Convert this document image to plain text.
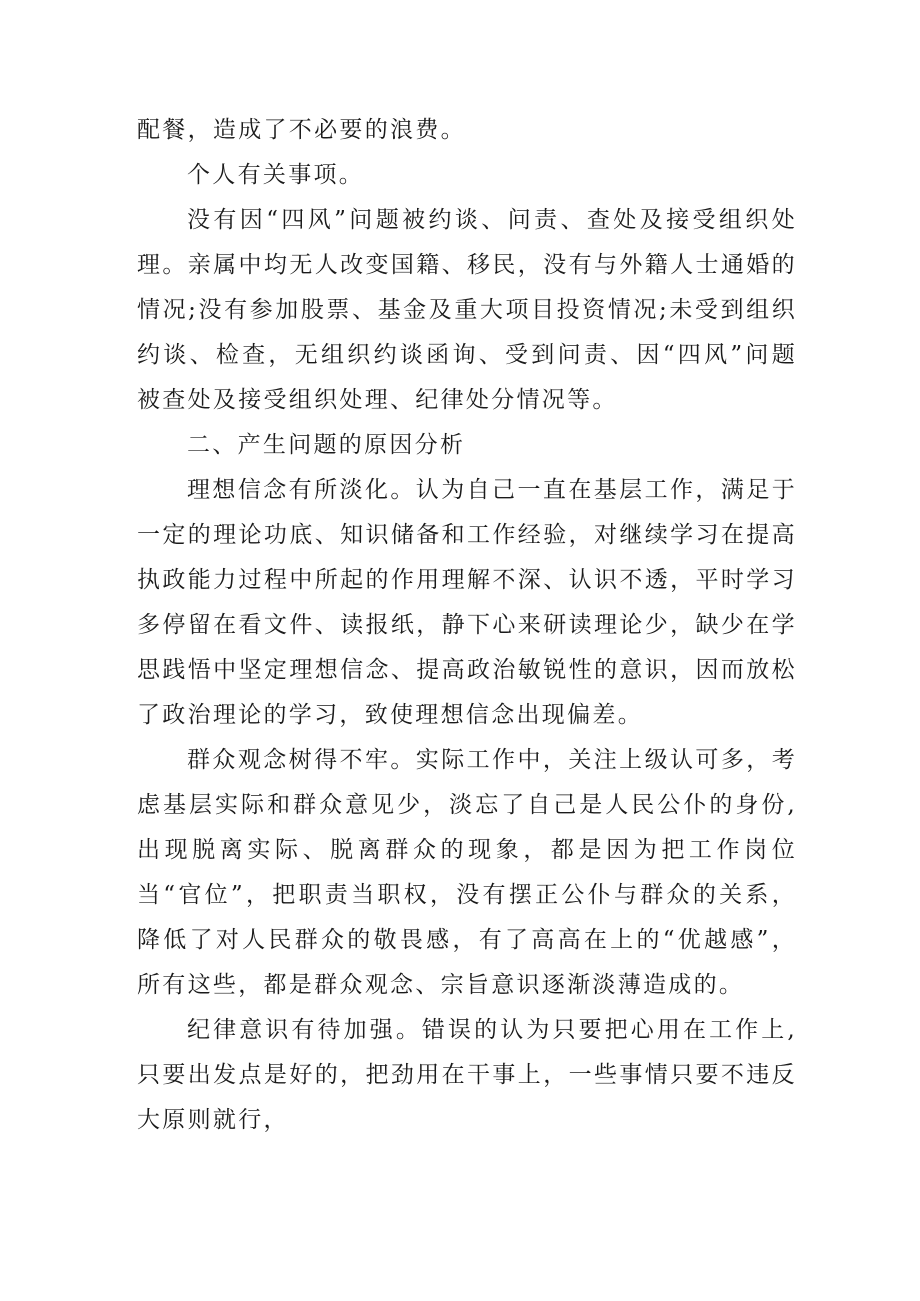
配餐，造成了不必要的浪费。

个人有关事项。

没有因“四风”问题被约谈、问责、查处及接受组织处理。亲属中均无人改变国籍、移民，没有与外籍人士通婚的情况;没有参加股票、基金及重大项目投资情况;未受到组织约谈、检查，无组织约谈函询、受到问责、因“四风”问题被查处及接受组织处理、纪律处分情况等。

二、产生问题的原因分析

理想信念有所淡化。认为自己一直在基层工作，满足于一定的理论功底、知识储备和工作经验，对继续学习在提高执政能力过程中所起的作用理解不深、认识不透，平时学习多停留在看文件、读报纸，静下心来研读理论少，缺少在学思践悟中坚定理想信念、提高政治敏锐性的意识，因而放松了政治理论的学习，致使理想信念出现偏差。

群众观念树得不牢。实际工作中，关注上级认可多，考虑基层实际和群众意见少，淡忘了自己是人民公仆的身份,出现脱离实际、脱离群众的现象，都是因为把工作岗位当“官位”，把职责当职权，没有摆正公仆与群众的关系，降低了对人民群众的敬畏感，有了高高在上的“优越感”，所有这些，都是群众观念、宗旨意识逐渐淡薄造成的。

纪律意识有待加强。错误的认为只要把心用在工作上,只要出发点是好的，把劲用在干事上，一些事情只要不违反大原则就行，
